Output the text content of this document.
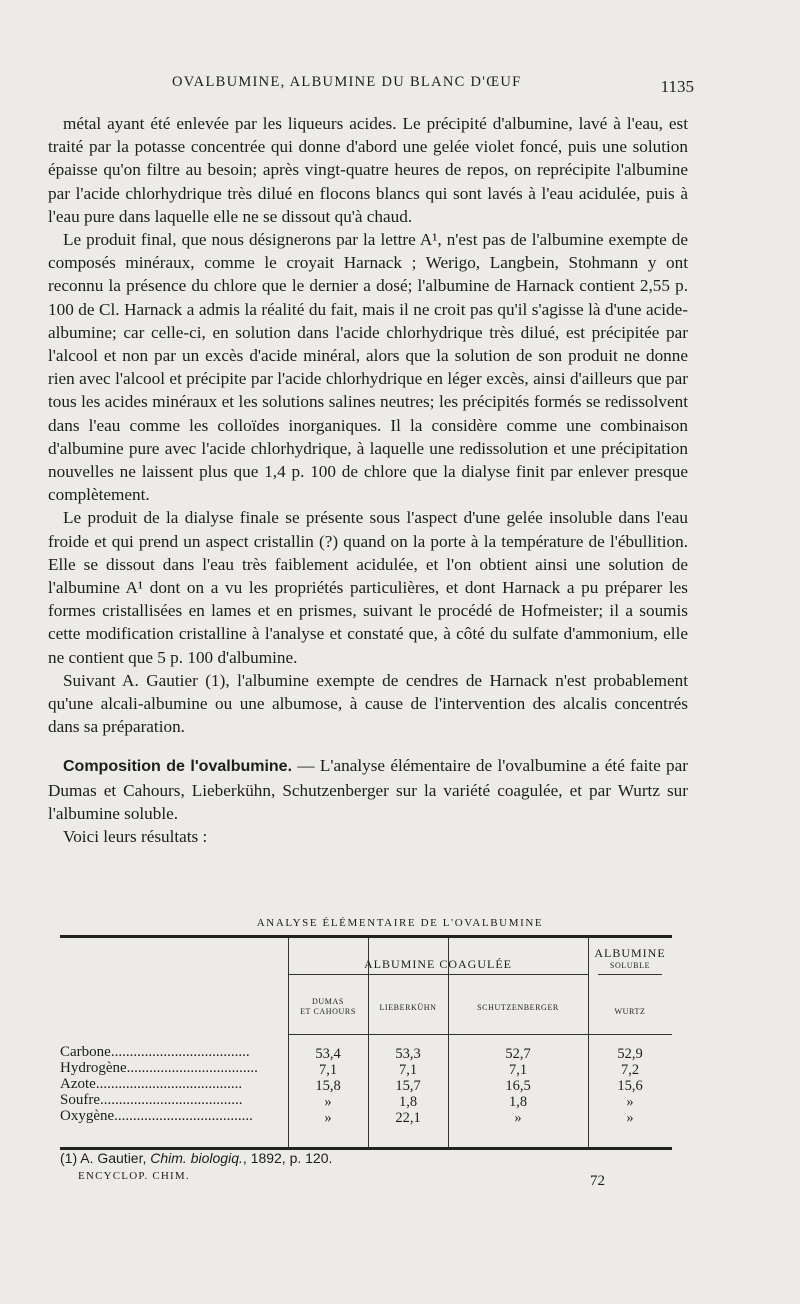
OVALBUMINE, ALBUMINE DU BLANC D'ŒUF	1135

métal ayant été enlevée par les liqueurs acides. Le précipité d'albumine, lavé à l'eau, est traité par la potasse concentrée qui donne d'abord une gelée violet foncé, puis une solution épaisse qu'on filtre au besoin; après vingt-quatre heures de repos, on reprécipite l'albumine par l'acide chlorhydrique très dilué en flocons blancs qui sont lavés à l'eau acidulée, puis à l'eau pure dans laquelle elle ne se dissout qu'à chaud.

Le produit final, que nous désignerons par la lettre A¹, n'est pas de l'albumine exempte de composés minéraux, comme le croyait Harnack ; Werigo, Langbein, Stohmann y ont reconnu la présence du chlore que le dernier a dosé; l'albumine de Harnack contient 2,55 p. 100 de Cl. Harnack a admis la réalité du fait, mais il ne croit pas qu'il s'agisse là d'une acide-albumine; car celle-ci, en solution dans l'acide chlorhydrique très dilué, est précipitée par l'alcool et non par un excès d'acide minéral, alors que la solution de son produit ne donne rien avec l'alcool et précipite par l'acide chlorhydrique en léger excès, ainsi d'ailleurs que par tous les acides minéraux et les solutions salines neutres; les précipités formés se redissolvent dans l'eau comme les colloïdes inorganiques. Il la considère comme une combinaison d'albumine pure avec l'acide chlorhydrique, à laquelle une redissolution et une précipitation nouvelles ne laissent plus que 1,4 p. 100 de chlore que la dialyse finit par enlever presque complètement.

Le produit de la dialyse finale se présente sous l'aspect d'une gelée insoluble dans l'eau froide et qui prend un aspect cristallin (?) quand on la porte à la température de l'ébullition. Elle se dissout dans l'eau très faiblement acidulée, et l'on obtient ainsi une solution de l'albumine A¹ dont on a vu les propriétés particulières, et dont Harnack a pu préparer les formes cristallisées en lames et en prismes, suivant le procédé de Hofmeister; il a soumis cette modification cristalline à l'analyse et constaté que, à côté du sulfate d'ammonium, elle ne contient que 5 p. 100 d'albumine.

Suivant A. Gautier (1), l'albumine exempte de cendres de Harnack n'est probablement qu'une alcali-albumine ou une albumose, à cause de l'intervention des alcalis concentrés dans sa préparation.

Composition de l'ovalbumine. — L'analyse élémentaire de l'ovalbumine a été faite par Dumas et Cahours, Lieberkühn, Schutzenberger sur la variété coagulée, et par Wurtz sur l'albumine soluble.

Voici leurs résultats :

ANALYSE ÉLÉMENTAIRE DE L'OVALBUMINE
ALBUMINE COAGULÉE
ALBUMINE
SOLUBLE
DUMAS
ET CAHOURS	LIEBERKÜHN	SCHUTZENBERGER	WURTZ
Carbone.....................................	53,4	53,3	52,7	52,9
Hydrogène...................................	7,1	7,1	7,1	7,2
Azote.......................................	15,8	15,7	16,5	15,6
Soufre......................................	»	1,8	1,8	»
Oxygène.....................................	»	22,1	»	»
(1) A. Gautier, Chim. biologiq., 1892, p. 120.
ENCYCLOP. CHIM.	72
